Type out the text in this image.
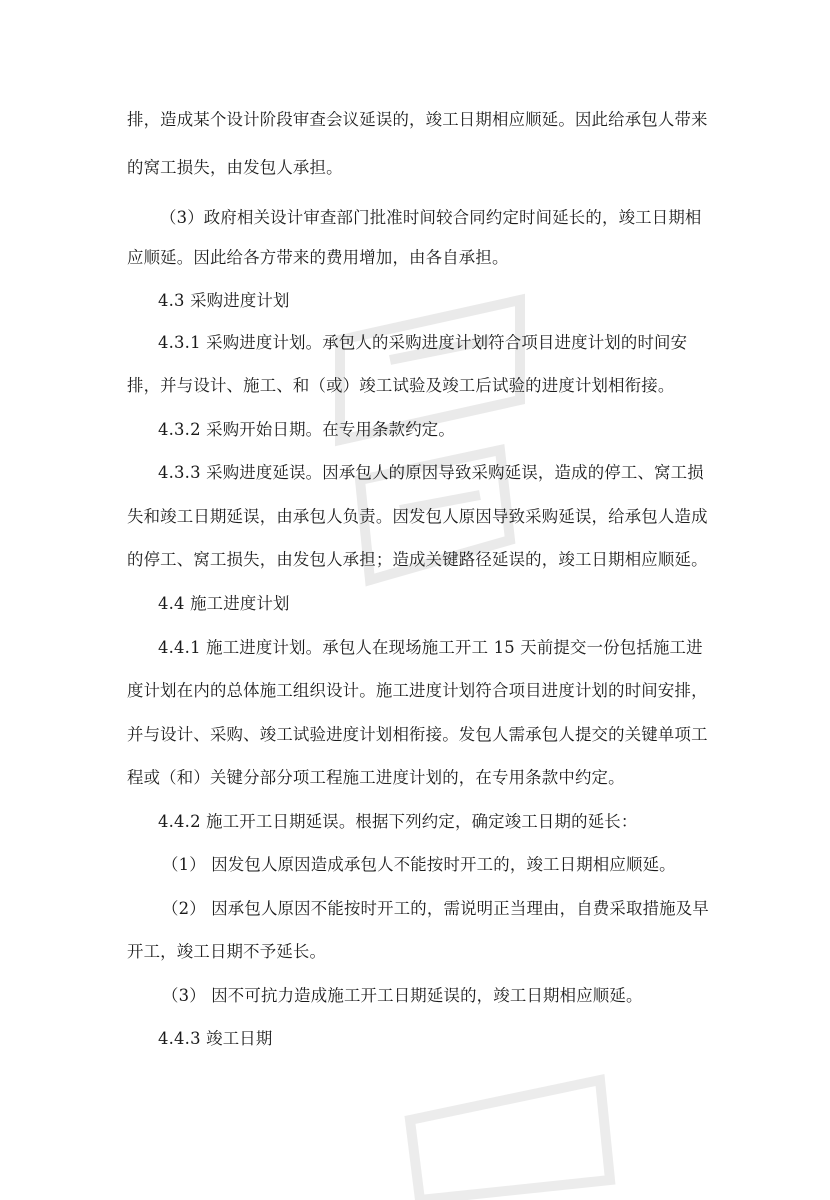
排，造成某个设计阶段审查会议延误的，竣工日期相应顺延。因此给承包人带来
的窝工损失，由发包人承担。
（3）政府相关设计审查部门批准时间较合同约定时间延长的，竣工日期相
应顺延。因此给各方带来的费用增加，由各自承担。
4.3 采购进度计划
4.3.1 采购进度计划。承包人的采购进度计划符合项目进度计划的时间安
排，并与设计、施工、和（或）竣工试验及竣工后试验的进度计划相衔接。
4.3.2 采购开始日期。在专用条款约定。
4.3.3 采购进度延误。因承包人的原因导致采购延误，造成的停工、窝工损
失和竣工日期延误，由承包人负责。因发包人原因导致采购延误，给承包人造成
的停工、窝工损失，由发包人承担；造成关键路径延误的，竣工日期相应顺延。
4.4 施工进度计划
4.4.1 施工进度计划。承包人在现场施工开工 15 天前提交一份包括施工进
度计划在内的总体施工组织设计。施工进度计划符合项目进度计划的时间安排，
并与设计、采购、竣工试验进度计划相衔接。发包人需承包人提交的关键单项工
程或（和）关键分部分项工程施工进度计划的，在专用条款中约定。
4.4.2 施工开工日期延误。根据下列约定，确定竣工日期的延长：
（1） 因发包人原因造成承包人不能按时开工的，竣工日期相应顺延。
（2） 因承包人原因不能按时开工的，需说明正当理由，自费采取措施及早
开工，竣工日期不予延长。
（3） 因不可抗力造成施工开工日期延误的，竣工日期相应顺延。
4.4.3 竣工日期
